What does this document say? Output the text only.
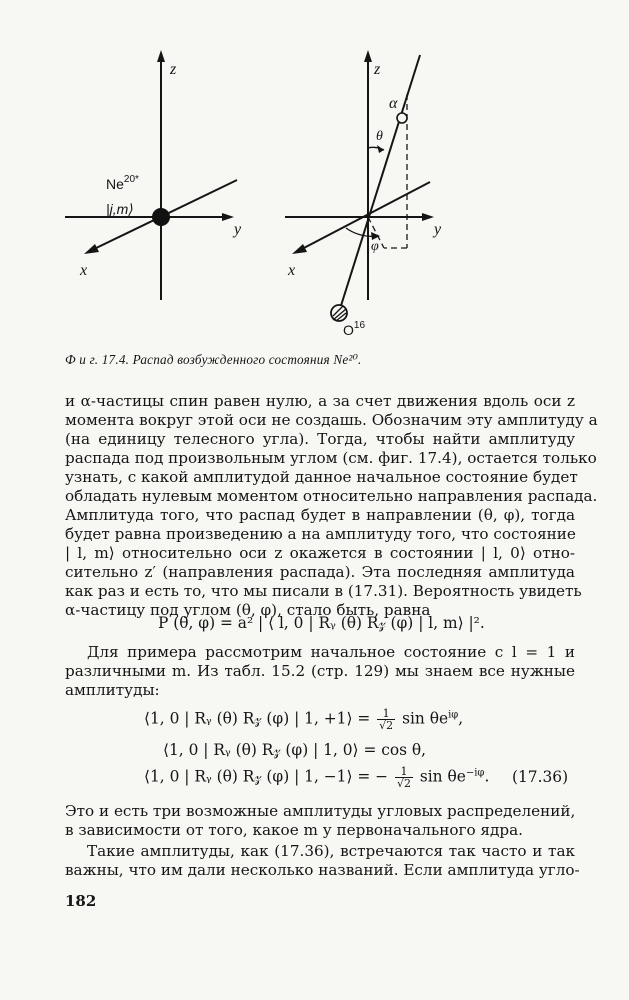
z
y
x
$Ne^{20*}$
|j,m⟩
z
y
x
α
θ
φ
$O^{16}$
Ф и г. 17.4. Распад возбужденного состояния Ne²⁰.

и α-частицы спин равен нулю, а за счет движения вдоль оси z

момента вокруг этой оси не создашь. Обозначим эту амплитуду a

(на единицу телесного угла). Тогда, чтобы найти амплитуду

распада под произвольным углом (см. фиг. 17.4), остается только

узнать, с какой амплитудой данное начальное состояние будет

обладать нулевым моментом относительно направления распада.

Амплитуда того, что распад будет в направлении (θ, φ), тогда

будет равна произведению a на амплитуду того, что состояние

| l, m⟩ относительно оси z окажется в состоянии | l, 0⟩ отно-

сительно z′ (направления распада). Эта последняя амплитуда

как раз и есть то, что мы писали в (17.31). Вероятность увидеть

α-частицу под углом (θ, φ), стало быть, равна

P (θ, φ) = a² | ⟨ l, 0 | Rᵧ (θ) R𝓏 (φ) | l, m⟩ |².

Для примера рассмотрим начальное состояние с l = 1 и

различными m. Из табл. 15.2 (стр. 129) мы знаем все нужные

амплитуды:

⟨1, 0 | Rᵧ (θ) R𝓏 (φ) | 1, +1⟩ = $\frac{1}{√2}$ $\sin \theta e^{i\varphi}$,
⟨1, 0 | Rᵧ (θ) R𝓏 (φ) | 1, 0⟩ = cos θ,
⟨1, 0 | Rᵧ (θ) R𝓏 (φ) | 1, −1⟩ = − $\frac{1}{√2}$ $\sin \theta e^{-i\varphi}$. (17.36)

Это и есть три возможные амплитуды угловых распределений,

в зависимости от того, какое m у первоначального ядра.

Такие амплитуды, как (17.36), встречаются так часто и так

важны, что им дали несколько названий. Если амплитуда угло-

182
